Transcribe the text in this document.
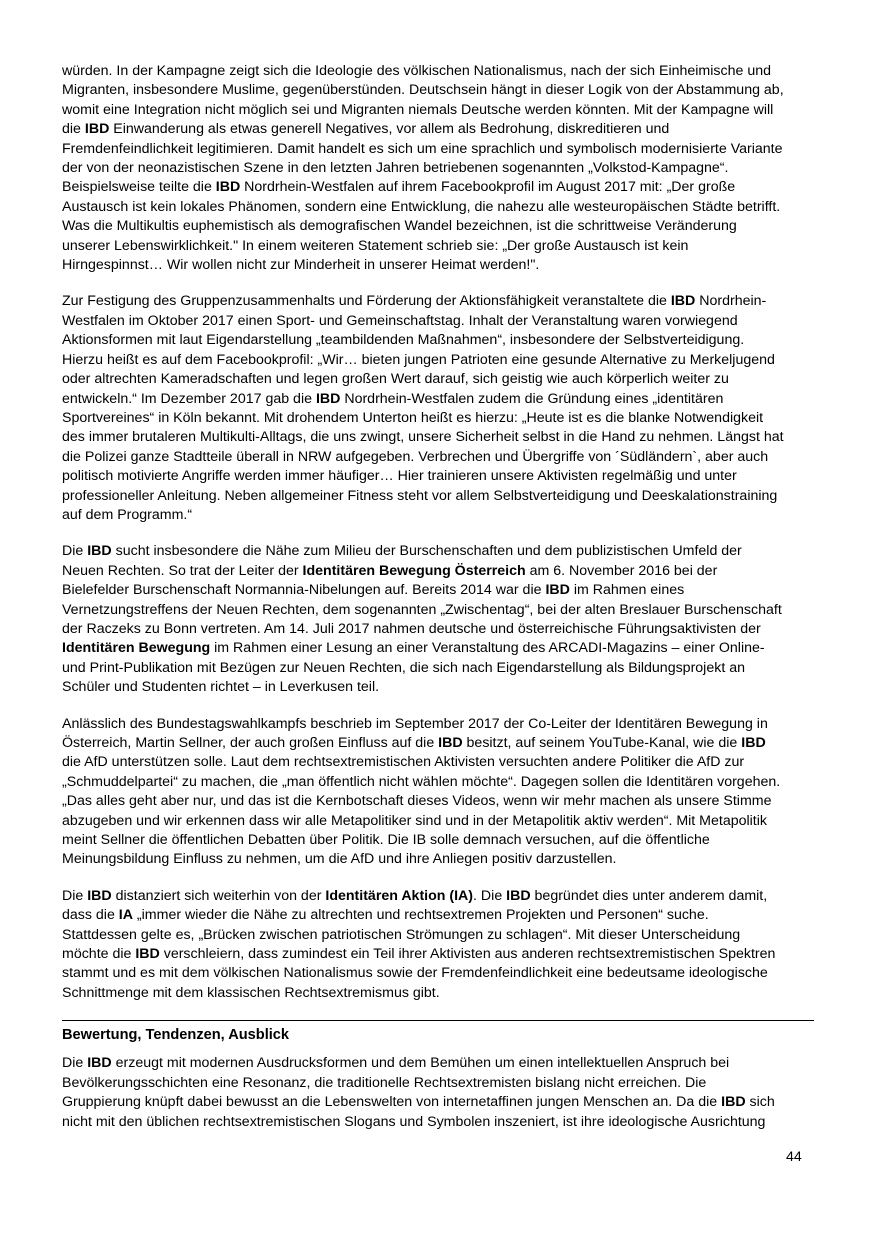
würden. In der Kampagne zeigt sich die Ideologie des völkischen Nationalismus, nach der sich Einheimische und
Migranten, insbesondere Muslime, gegenüberstünden. Deutschsein hängt in dieser Logik von der Abstammung ab,
womit eine Integration nicht möglich sei und Migranten niemals Deutsche werden könnten. Mit der Kampagne will
die IBD Einwanderung als etwas generell Negatives, vor allem als Bedrohung, diskreditieren und
Fremdenfeindlichkeit legitimieren. Damit handelt es sich um eine sprachlich und symbolisch modernisierte Variante
der von der neonazistischen Szene in den letzten Jahren betriebenen sogenannten „Volkstod-Kampagne“.
Beispielsweise teilte die IBD Nordrhein-Westfalen auf ihrem Facebookprofil im August 2017 mit: „Der große
Austausch ist kein lokales Phänomen, sondern eine Entwicklung, die nahezu alle westeuropäischen Städte betrifft.
Was die Multikultis euphemistisch als demografischen Wandel bezeichnen, ist die schrittweise Veränderung
unserer Lebenswirklichkeit." In einem weiteren Statement schrieb sie: „Der große Austausch ist kein
Hirngespinnst… Wir wollen nicht zur Minderheit in unserer Heimat werden!".
Zur Festigung des Gruppenzusammenhalts und Förderung der Aktionsfähigkeit veranstaltete die IBD Nordrhein-
Westfalen im Oktober 2017 einen Sport- und Gemeinschaftstag. Inhalt der Veranstaltung waren vorwiegend
Aktionsformen mit laut Eigendarstellung „teambildenden Maßnahmen“, insbesondere der Selbstverteidigung.
Hierzu heißt es auf dem Facebookprofil: „Wir… bieten jungen Patrioten eine gesunde Alternative zu Merkeljugend
oder altrechten Kameradschaften und legen großen Wert darauf, sich geistig wie auch körperlich weiter zu
entwickeln.“ Im Dezember 2017 gab die IBD Nordrhein-Westfalen zudem die Gründung eines „identitären
Sportvereines“ in Köln bekannt. Mit drohendem Unterton heißt es hierzu: „Heute ist es die blanke Notwendigkeit
des immer brutaleren Multikulti-Alltags, die uns zwingt, unsere Sicherheit selbst in die Hand zu nehmen. Längst hat
die Polizei ganze Stadtteile überall in NRW aufgegeben. Verbrechen und Übergriffe von ´Südländern`, aber auch
politisch motivierte Angriffe werden immer häufiger… Hier trainieren unsere Aktivisten regelmäßig und unter
professioneller Anleitung. Neben allgemeiner Fitness steht vor allem Selbstverteidigung und Deeskalationstraining
auf dem Programm.“
Die IBD sucht insbesondere die Nähe zum Milieu der Burschenschaften und dem publizistischen Umfeld der
Neuen Rechten. So trat der Leiter der Identitären Bewegung Österreich am 6. November 2016 bei der
Bielefelder Burschenschaft Normannia-Nibelungen auf. Bereits 2014 war die IBD im Rahmen eines
Vernetzungstreffens der Neuen Rechten, dem sogenannten „Zwischentag“, bei der alten Breslauer Burschenschaft
der Raczeks zu Bonn vertreten. Am 14. Juli 2017 nahmen deutsche und österreichische Führungsaktivisten der
Identitären Bewegung im Rahmen einer Lesung an einer Veranstaltung des ARCADI-Magazins – einer Online-
und Print-Publikation mit Bezügen zur Neuen Rechten, die sich nach Eigendarstellung als Bildungsprojekt an
Schüler und Studenten richtet – in Leverkusen teil.
Anlässlich des Bundestagswahlkampfs beschrieb im September 2017 der Co-Leiter der Identitären Bewegung in
Österreich, Martin Sellner, der auch großen Einfluss auf die IBD besitzt, auf seinem YouTube-Kanal, wie die IBD
die AfD unterstützen solle. Laut dem rechtsextremistischen Aktivisten versuchten andere Politiker die AfD zur
„Schmuddelpartei“ zu machen, die „man öffentlich nicht wählen möchte“. Dagegen sollen die Identitären vorgehen.
„Das alles geht aber nur, und das ist die Kernbotschaft dieses Videos, wenn wir mehr machen als unsere Stimme
abzugeben und wir erkennen dass wir alle Metapolitiker sind und in der Metapolitik aktiv werden“. Mit Metapolitik
meint Sellner die öffentlichen Debatten über Politik. Die IB solle demnach versuchen, auf die öffentliche
Meinungsbildung Einfluss zu nehmen, um die AfD und ihre Anliegen positiv darzustellen.
Die IBD distanziert sich weiterhin von der Identitären Aktion (IA). Die IBD begründet dies unter anderem damit,
dass die IA „immer wieder die Nähe zu altrechten und rechtsextremen Projekten und Personen“ suche.
Stattdessen gelte es, „Brücken zwischen patriotischen Strömungen zu schlagen“. Mit dieser Unterscheidung
möchte die IBD verschleiern, dass zumindest ein Teil ihrer Aktivisten aus anderen rechtsextremistischen Spektren
stammt und es mit dem völkischen Nationalismus sowie der Fremdenfeindlichkeit eine bedeutsame ideologische
Schnittmenge mit dem klassischen Rechtsextremismus gibt.
Bewertung, Tendenzen, Ausblick
Die IBD erzeugt mit modernen Ausdrucksformen und dem Bemühen um einen intellektuellen Anspruch bei
Bevölkerungsschichten eine Resonanz, die traditionelle Rechtsextremisten bislang nicht erreichen. Die
Gruppierung knüpft dabei bewusst an die Lebenswelten von internetaffinen jungen Menschen an. Da die IBD sich
nicht mit den üblichen rechtsextremistischen Slogans und Symbolen inszeniert, ist ihre ideologische Ausrichtung
44
